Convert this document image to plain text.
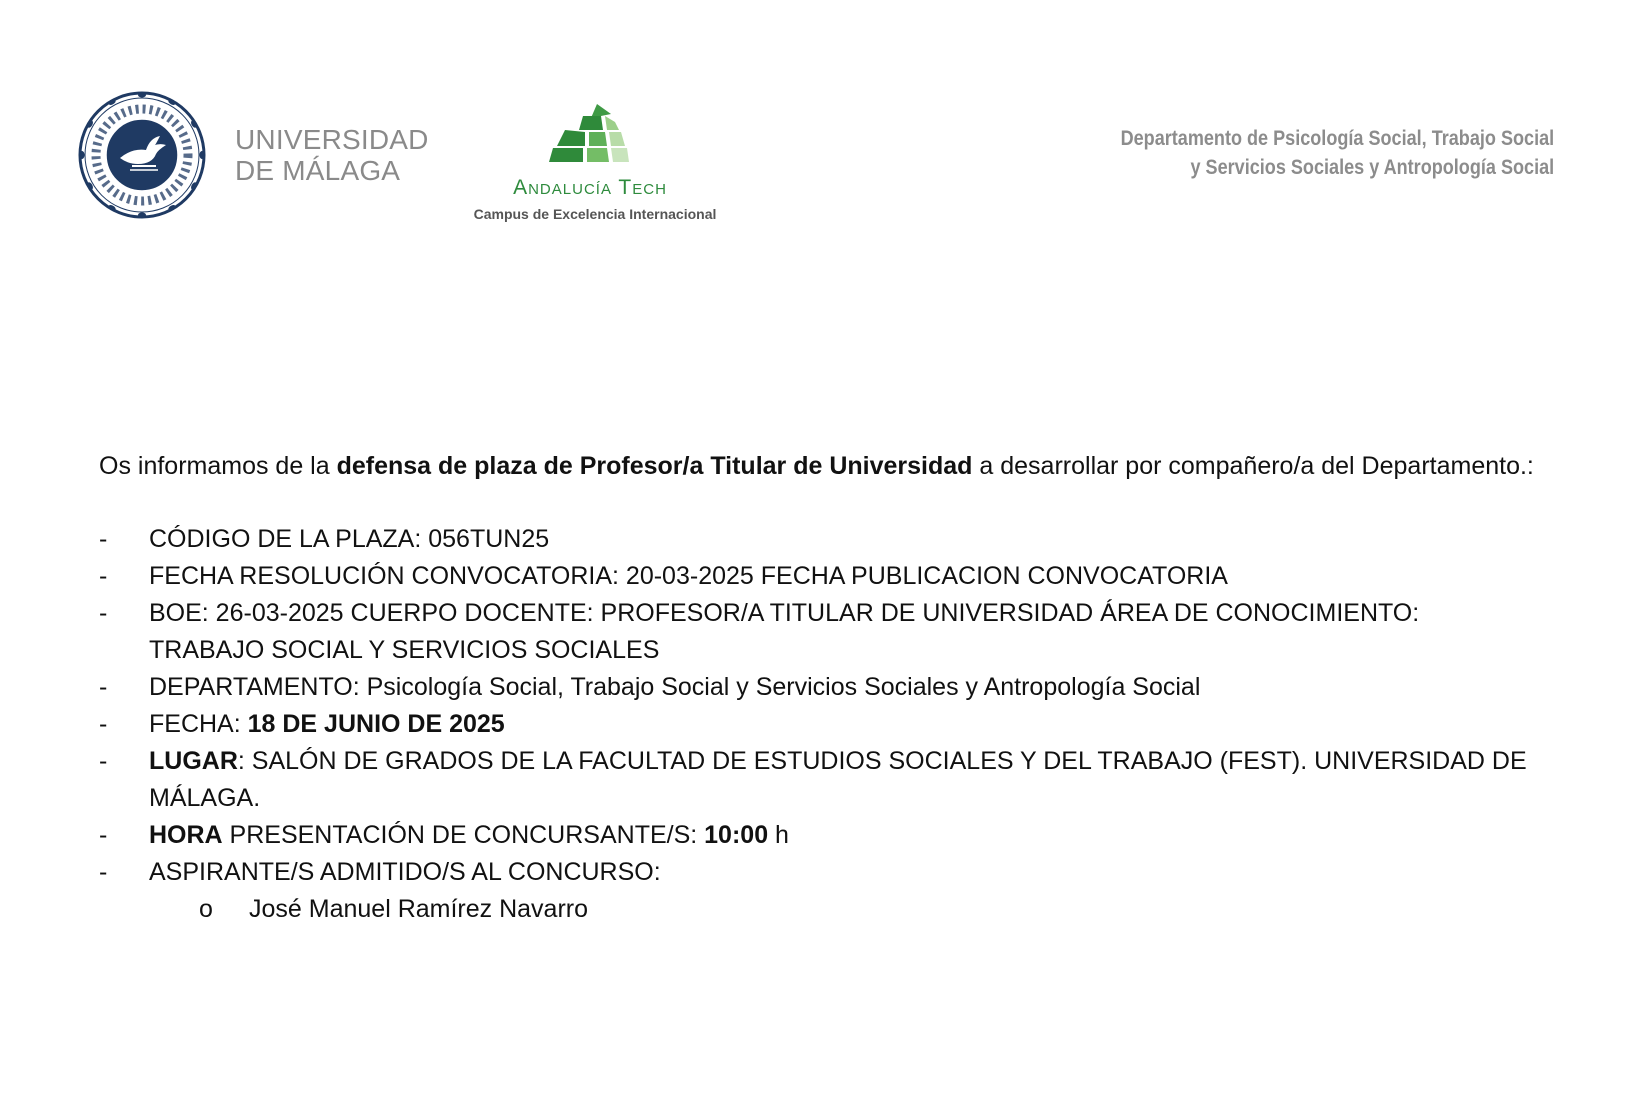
UNIVERSIDAD
DE MÁLAGA
Andalucía Tech
Campus de Excelencia Internacional
Departamento de Psicología Social, Trabajo Social
y Servicios Sociales y Antropología Social

Os informamos de la defensa de plaza de Profesor/a Titular de Universidad a desarrollar por compañero/a del Departamento.:

- CÓDIGO DE LA PLAZA: 056TUN25
- FECHA RESOLUCIÓN CONVOCATORIA: 20-03-2025 FECHA PUBLICACION CONVOCATORIA
- BOE: 26-03-2025 CUERPO DOCENTE: PROFESOR/A TITULAR DE UNIVERSIDAD ÁREA DE CONOCIMIENTO: TRABAJO SOCIAL Y SERVICIOS SOCIALES
- DEPARTAMENTO: Psicología Social, Trabajo Social y Servicios Sociales y Antropología Social
- FECHA: 18 DE JUNIO DE 2025
- LUGAR: SALÓN DE GRADOS DE LA FACULTAD DE ESTUDIOS SOCIALES Y DEL TRABAJO (FEST). UNIVERSIDAD DE MÁLAGA.
- HORA PRESENTACIÓN DE CONCURSANTE/S: 10:00 h
- ASPIRANTE/S ADMITIDO/S AL CONCURSO:
o José Manuel Ramírez Navarro
